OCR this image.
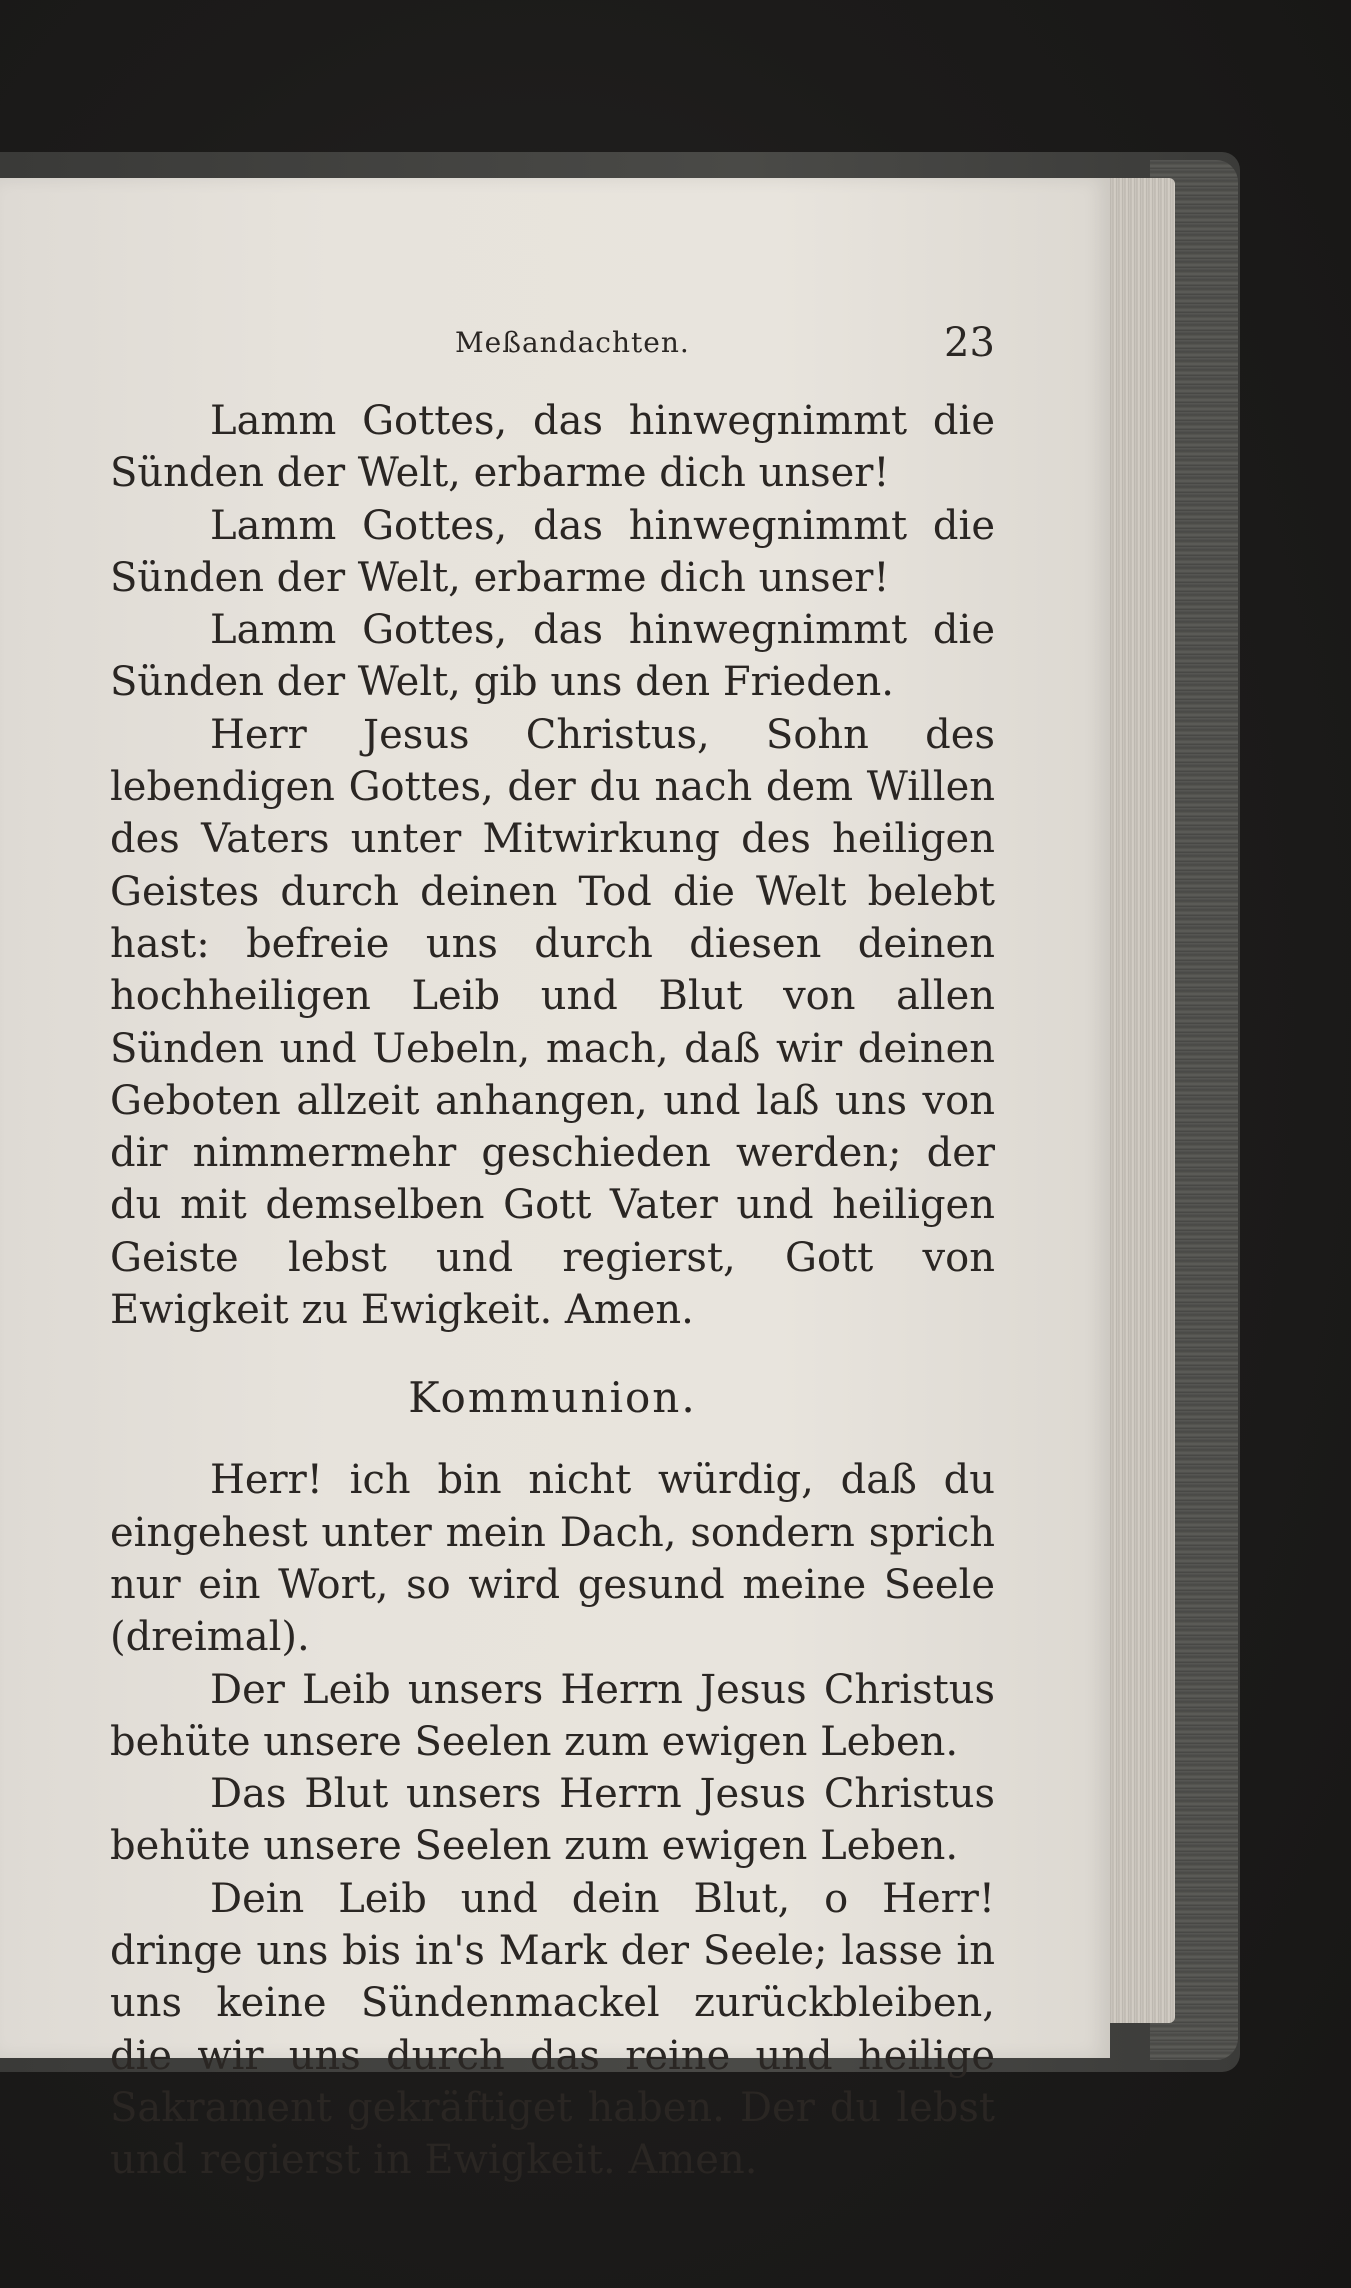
Meßandachten.	23

Lamm Gottes, das hinwegnimmt die Sünden der Welt, erbarme dich unser!

Lamm Gottes, das hinwegnimmt die Sünden der Welt, erbarme dich unser!

Lamm Gottes, das hinwegnimmt die Sünden der Welt, gib uns den Frieden.

Herr Jesus Christus, Sohn des lebendigen Gottes, der du nach dem Willen des Vaters unter Mitwirkung des heiligen Geistes durch deinen Tod die Welt belebt hast: befreie uns durch diesen deinen hochheiligen Leib und Blut von allen Sünden und Uebeln, mach, daß wir deinen Geboten allzeit anhangen, und laß uns von dir nimmermehr geschieden werden; der du mit demselben Gott Vater und heiligen Geiste lebst und regierst, Gott von Ewigkeit zu Ewigkeit. Amen.

Kommunion.

Herr! ich bin nicht würdig, daß du eingehest unter mein Dach, sondern sprich nur ein Wort, so wird gesund meine Seele (dreimal).

Der Leib unsers Herrn Jesus Christus behüte unsere Seelen zum ewigen Leben.

Das Blut unsers Herrn Jesus Christus behüte unsere Seelen zum ewigen Leben.

Dein Leib und dein Blut, o Herr! dringe uns bis in's Mark der Seele; lasse in uns keine Sündenmackel zurückbleiben, die wir uns durch das reine und heilige Sakrament gekräftiget haben. Der du lebst und regierst in Ewigkeit. Amen.
